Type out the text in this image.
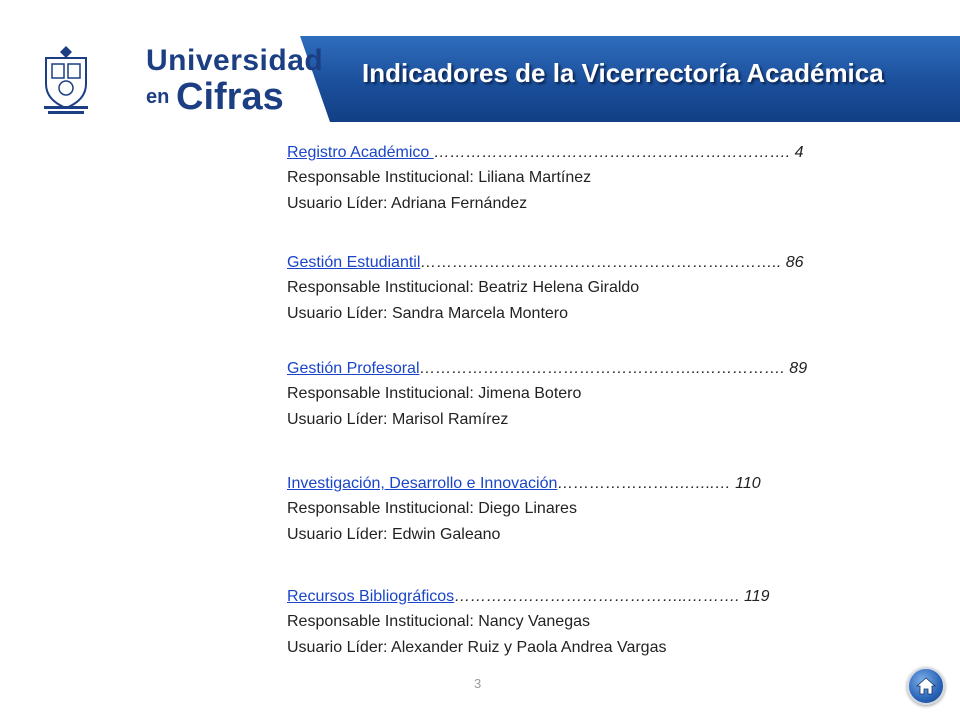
Universidad
en Cifras
Indicadores de la Vicerrectoría Académica
Registro Académico …………………………………………………………. 4
Responsable Institucional: Liliana Martínez
Usuario Líder: Adriana Fernández
Gestión Estudiantil………………………………………………………….. 86
Responsable Institucional: Beatriz Helena Giraldo
Usuario Líder: Sandra Marcela Montero
Gestión Profesoral……………………………………………..……………. 89
Responsable Institucional: Jimena Botero
Usuario Líder: Marisol Ramírez
Investigación, Desarrollo e Innovación…………………….…..… 110
Responsable Institucional: Diego Linares
Usuario Líder: Edwin Galeano
Recursos Bibliográficos……………………………………..………. 119
Responsable Institucional: Nancy Vanegas
Usuario Líder: Alexander Ruiz y Paola Andrea Vargas
3
